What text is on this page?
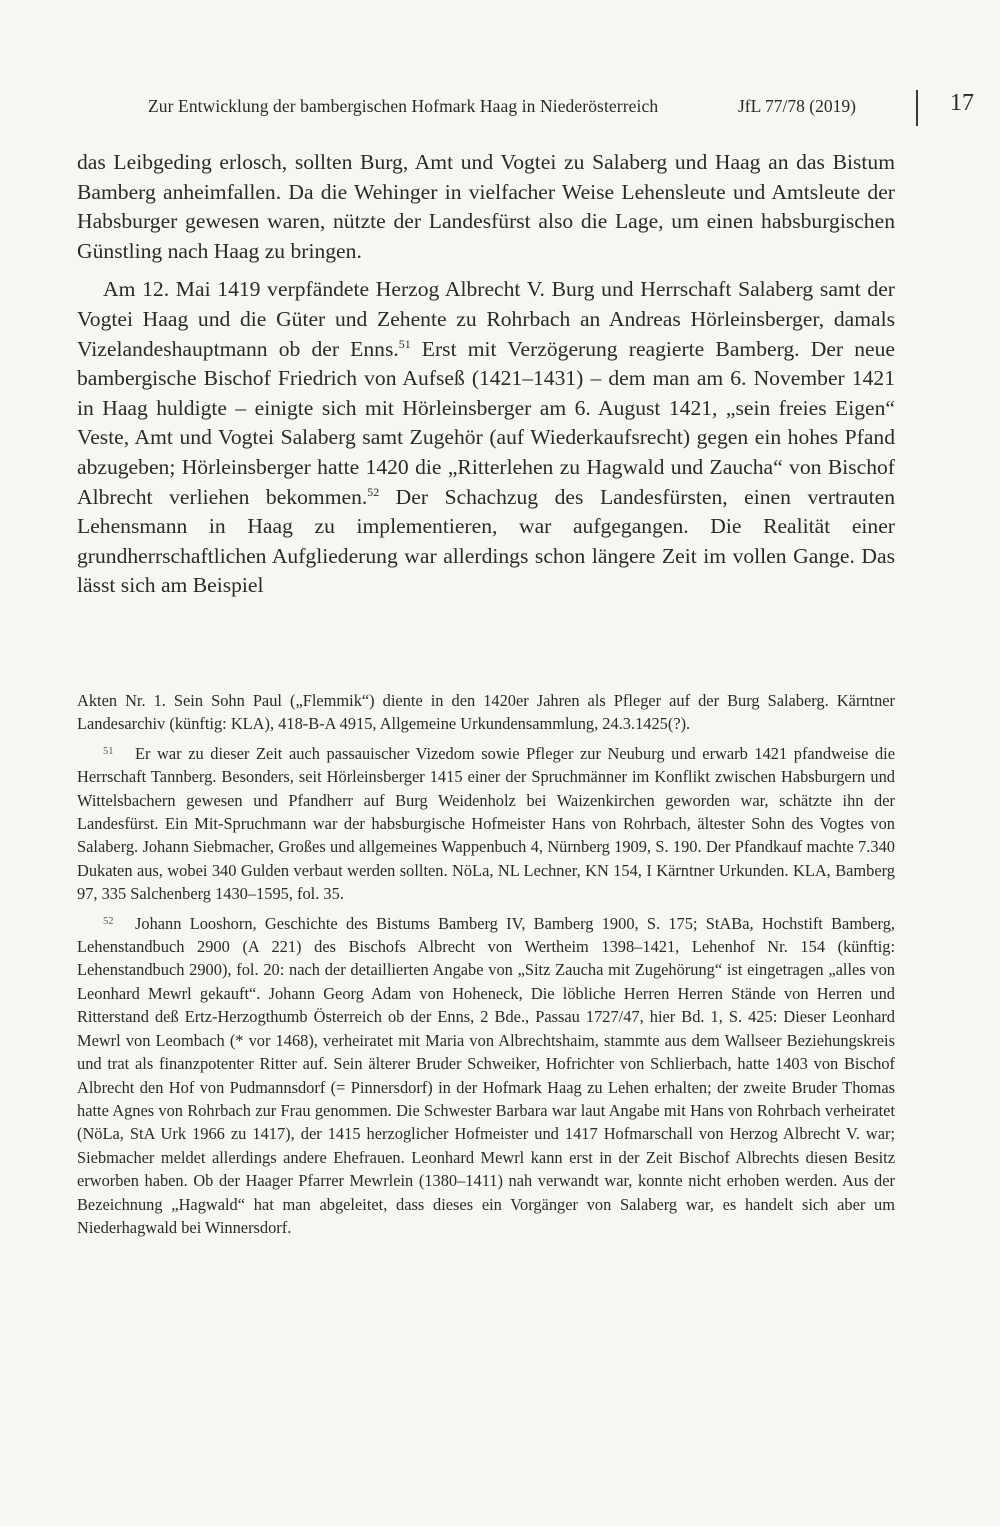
Zur Entwicklung der bambergischen Hofmark Haag in Niederösterreich	JfL 77/78 (2019)	17

das Leibgeding erlosch, sollten Burg, Amt und Vogtei zu Salaberg und Haag an das Bistum Bamberg anheimfallen. Da die Wehinger in vielfacher Weise Lehensleute und Amtsleute der Habsburger gewesen waren, nützte der Landesfürst also die Lage, um einen habsburgischen Günstling nach Haag zu bringen.

Am 12. Mai 1419 verpfändete Herzog Albrecht V. Burg und Herrschaft Salaberg samt der Vogtei Haag und die Güter und Zehente zu Rohrbach an Andreas Hörleinsberger, damals Vizelandeshauptmann ob der Enns.$^{51}$ Erst mit Verzögerung reagierte Bamberg. Der neue bambergische Bischof Friedrich von Aufseß (1421–1431) – dem man am 6. November 1421 in Haag huldigte – einigte sich mit Hörleinsberger am 6. August 1421, „sein freies Eigen“ Veste, Amt und Vogtei Salaberg samt Zugehör (auf Wiederkaufsrecht) gegen ein hohes Pfand abzugeben; Hörleinsberger hatte 1420 die „Ritterlehen zu Hagwald und Zaucha“ von Bischof Albrecht verliehen bekommen.$^{52}$ Der Schachzug des Landesfürsten, einen vertrauten Lehensmann in Haag zu implementieren, war aufgegangen. Die Realität einer grundherrschaftlichen Aufgliederung war allerdings schon längere Zeit im vollen Gange. Das lässt sich am Beispiel

Akten Nr. 1. Sein Sohn Paul („Flemmik“) diente in den 1420er Jahren als Pfleger auf der Burg Salaberg. Kärntner Landesarchiv (künftig: KLA), 418-B-A 4915, Allgemeine Urkundensammlung, 24.3.1425(?).

51 Er war zu dieser Zeit auch passauischer Vizedom sowie Pfleger zur Neuburg und erwarb 1421 pfandweise die Herrschaft Tannberg. Besonders, seit Hörleinsberger 1415 einer der Spruchmänner im Konflikt zwischen Habsburgern und Wittelsbachern gewesen und Pfandherr auf Burg Weidenholz bei Waizenkirchen geworden war, schätzte ihn der Landesfürst. Ein Mit-Spruchmann war der habsburgische Hofmeister Hans von Rohrbach, ältester Sohn des Vogtes von Salaberg. Johann Siebmacher, Großes und allgemeines Wappenbuch 4, Nürnberg 1909, S. 190. Der Pfandkauf machte 7.340 Dukaten aus, wobei 340 Gulden verbaut werden sollten. NöLa, NL Lechner, KN 154, I Kärntner Urkunden. KLA, Bamberg 97, 335 Salchenberg 1430–1595, fol. 35.

52 Johann Looshorn, Geschichte des Bistums Bamberg IV, Bamberg 1900, S. 175; StABa, Hochstift Bamberg, Lehenstandbuch 2900 (A 221) des Bischofs Albrecht von Wertheim 1398–1421, Lehenhof Nr. 154 (künftig: Lehenstandbuch 2900), fol. 20: nach der detaillierten Angabe von „Sitz Zaucha mit Zugehörung“ ist eingetragen „alles von Leonhard Mewrl gekauft“. Johann Georg Adam von Hoheneck, Die löbliche Herren Herren Stände von Herren und Ritterstand deß Ertz-Herzogthumb Österreich ob der Enns, 2 Bde., Passau 1727/47, hier Bd. 1, S. 425: Dieser Leonhard Mewrl von Leombach (* vor 1468), verheiratet mit Maria von Albrechtshaim, stammte aus dem Wallseer Beziehungskreis und trat als finanzpotenter Ritter auf. Sein älterer Bruder Schweiker, Hofrichter von Schlierbach, hatte 1403 von Bischof Albrecht den Hof von Pudmannsdorf (= Pinnersdorf) in der Hofmark Haag zu Lehen erhalten; der zweite Bruder Thomas hatte Agnes von Rohrbach zur Frau genommen. Die Schwester Barbara war laut Angabe mit Hans von Rohrbach verheiratet (NöLa, StA Urk 1966 zu 1417), der 1415 herzoglicher Hofmeister und 1417 Hofmarschall von Herzog Albrecht V. war; Siebmacher meldet allerdings andere Ehefrauen. Leonhard Mewrl kann erst in der Zeit Bischof Albrechts diesen Besitz erworben haben. Ob der Haager Pfarrer Mewrlein (1380–1411) nah verwandt war, konnte nicht erhoben werden. Aus der Bezeichnung „Hagwald“ hat man abgeleitet, dass dieses ein Vorgänger von Salaberg war, es handelt sich aber um Niederhagwald bei Winnersdorf.
